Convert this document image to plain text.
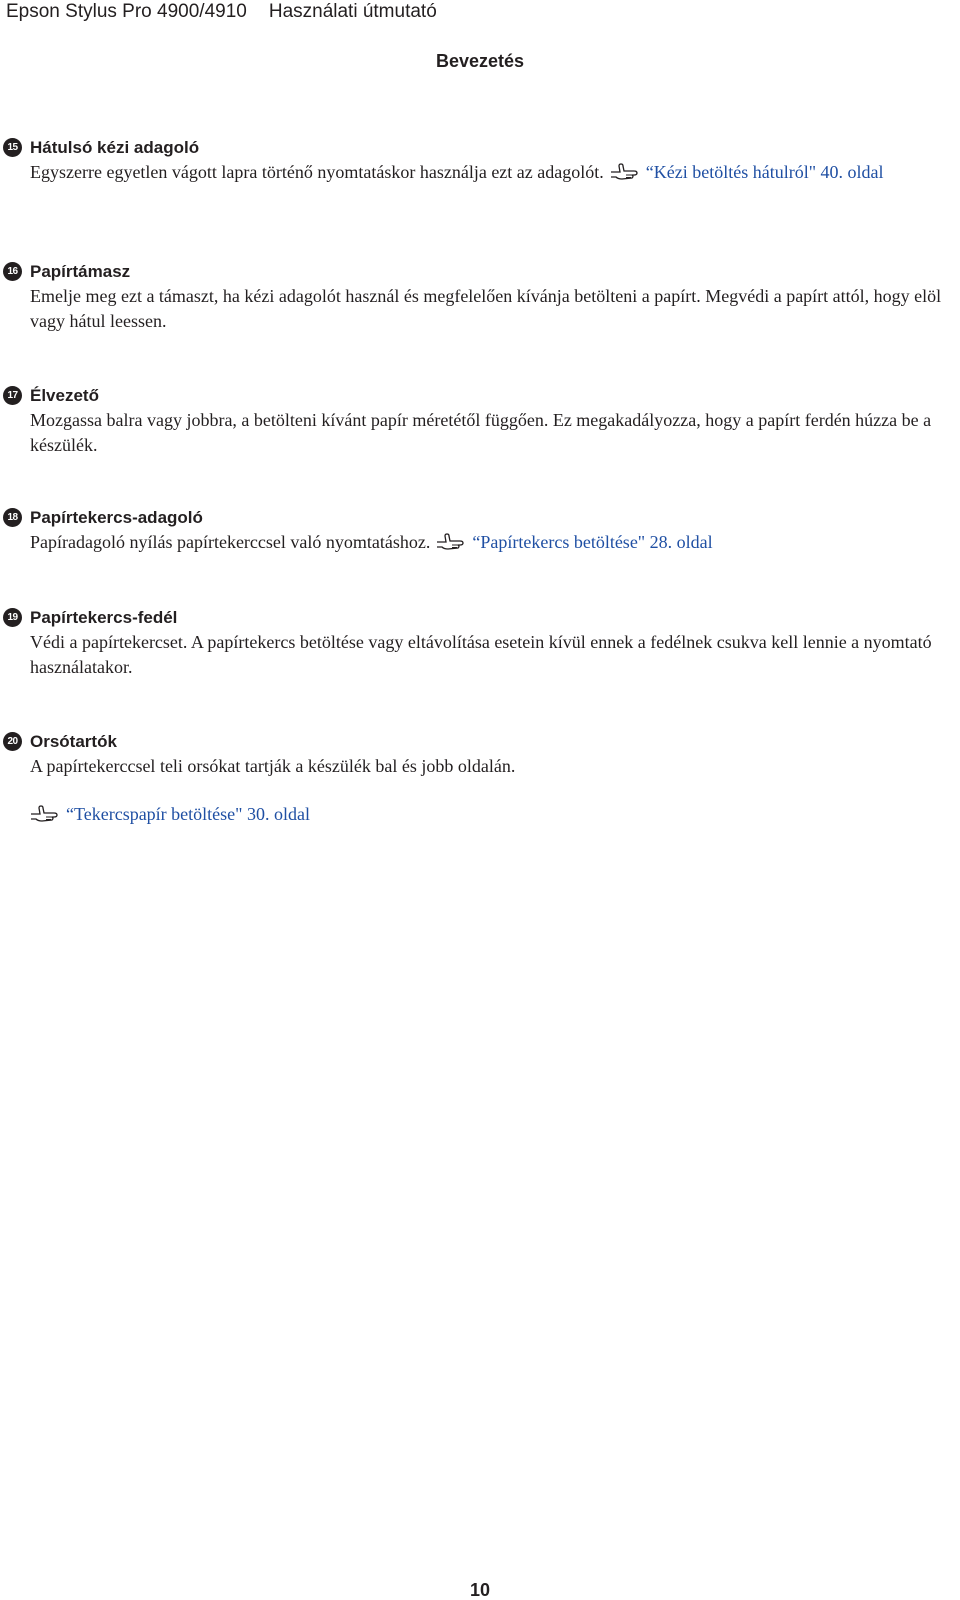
Epson Stylus Pro 4900/4910 Használati útmutató
Bevezetés
15 Hátulsó kézi adagoló
Egyszerre egyetlen vágott lapra történő nyomtatáskor használja ezt az adagolót. “Kézi betöltés hátulról" 40. oldal
16 Papírtámasz
Emelje meg ezt a támaszt, ha kézi adagolót használ és megfelelően kívánja betölteni a papírt. Megvédi a papírt attól, hogy elöl vagy hátul leessen.
17 Élvezető
Mozgassa balra vagy jobbra, a betölteni kívánt papír méretétől függően. Ez megakadályozza, hogy a papírt ferdén húzza be a készülék.
18 Papírtekercs-adagoló
Papíradagoló nyílás papírtekerccsel való nyomtatáshoz. “Papírtekercs betöltése" 28. oldal
19 Papírtekercs-fedél
Védi a papírtekercset. A papírtekercs betöltése vagy eltávolítása esetein kívül ennek a fedélnek csukva kell lennie a nyomtató használatakor.
20 Orsótartók
A papírtekerccsel teli orsókat tartják a készülék bal és jobb oldalán.
“Tekercspapír betöltése" 30. oldal
10
